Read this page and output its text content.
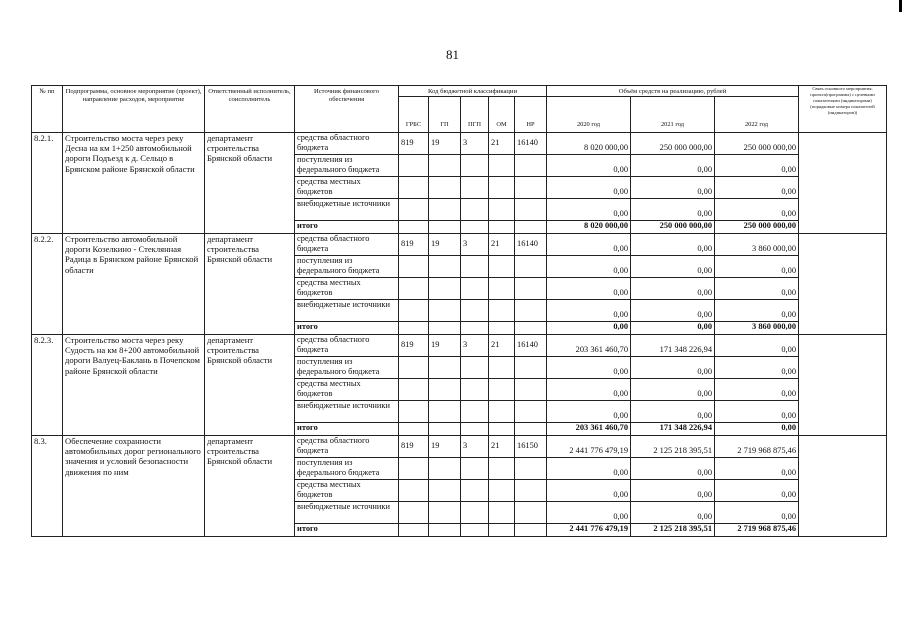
81
№ пп	Подпрограмма, основное мероприятие (проект), направление расходов, мероприятие	Ответственный исполнитель, соисполнитель	Источник финансового обеспечения	Код бюджетной классификации					Объём средств на реализацию, рублей			Связь основного мероприятия, проекта(программы) с целевыми показателями (индикаторами) (порядковые номера показателей (индикаторов))
				ГРБС	ГП	ПГП	ОМ	НР	2020 год	2021 год	2022 год	
8.2.1.	Строительство моста через реку Десна на км 1+250 автомобильной дороги Подъезд к д. Сельцо в Брянском районе Брянской области	департамент строительства Брянской области	средства областного бюджета	819	19	3	21	16140	8 020 000,00	250 000 000,00	250 000 000,00	
			поступления из федерального бюджета						0,00	0,00	0,00	
			средства местных бюджетов						0,00	0,00	0,00	
			внебюджетные источники						0,00	0,00	0,00	
			итого						8 020 000,00	250 000 000,00	250 000 000,00	
8.2.2.	Строительство автомобильной дороги Козелкино - Стеклянная Радица в Брянском районе Брянской области	департамент строительства Брянской области	средства областного бюджета	819	19	3	21	16140	0,00	0,00	3 860 000,00	
			поступления из федерального бюджета						0,00	0,00	0,00	
			средства местных бюджетов						0,00	0,00	0,00	
			внебюджетные источники						0,00	0,00	0,00	
			итого						0,00	0,00	3 860 000,00	
8.2.3.	Строительство моста через реку Судость на км 8+200 автомобильной дороги Валуец-Баклань в Почепском районе Брянской области	департамент строительства Брянской области	средства областного бюджета	819	19	3	21	16140	203 361 460,70	171 348 226,94	0,00	
			поступления из федерального бюджета						0,00	0,00	0,00	
			средства местных бюджетов						0,00	0,00	0,00	
			внебюджетные источники						0,00	0,00	0,00	
			итого						203 361 460,70	171 348 226,94	0,00	
8.3.	Обеспечение сохранности автомобильных дорог регионального значения и условий безопасности движения по ним	департамент строительства Брянской области	средства областного бюджета	819	19	3	21	16150	2 441 776 479,19	2 125 218 395,51	2 719 968 875,46	
			поступления из федерального бюджета						0,00	0,00	0,00	
			средства местных бюджетов						0,00	0,00	0,00	
			внебюджетные источники						0,00	0,00	0,00	
			итого						2 441 776 479,19	2 125 218 395,51	2 719 968 875,46	
